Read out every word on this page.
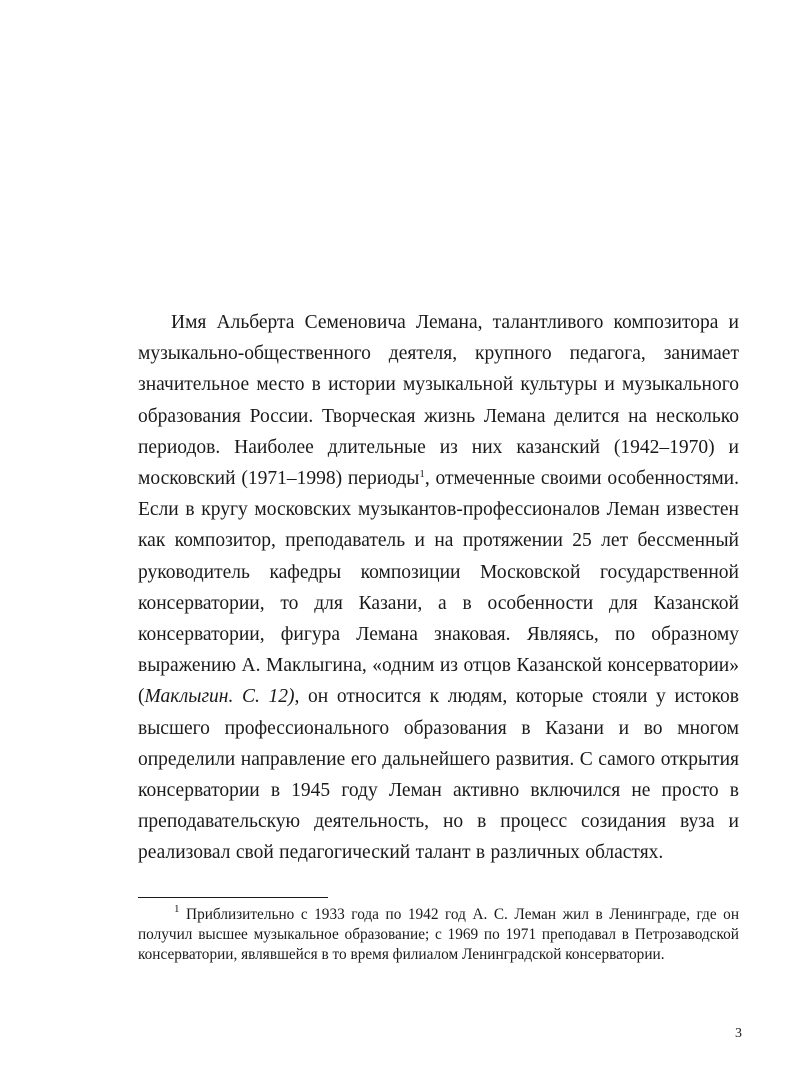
Имя Альберта Семеновича Лемана, талантливого композитора и музыкально-общественного деятеля, крупного педагога, занимает значительное место в истории музыкальной культуры и музыкального образования России. Творческая жизнь Лемана делится на несколько периодов. Наиболее длительные из них казанский (1942–1970) и московский (1971–1998) периоды$^1$, отмеченные своими особенностями. Если в кругу московских музыкантов-профессионалов Леман известен как композитор, преподаватель и на протяжении 25 лет бессменный руководитель кафедры композиции Московской государственной консерватории, то для Казани, а в особенности для Казанской консерватории, фигура Лемана знаковая. Являясь, по образному выражению А. Маклыгина, «одним из отцов Казанской консерватории» (Маклыгин. С. 12), он относится к людям, которые стояли у истоков высшего профессионального образования в Казани и во многом определили направление его дальнейшего развития. С самого открытия консерватории в 1945 году Леман активно включился не просто в преподавательскую деятельность, но в процесс созидания вуза и реализовал свой педагогический талант в различных областях.

$^1$ Приблизительно с 1933 года по 1942 год А. С. Леман жил в Ленинграде, где он получил высшее музыкальное образование; с 1969 по 1971 преподавал в Петрозаводской консерватории, являвшейся в то время филиалом Ленинградской консерватории.

3
